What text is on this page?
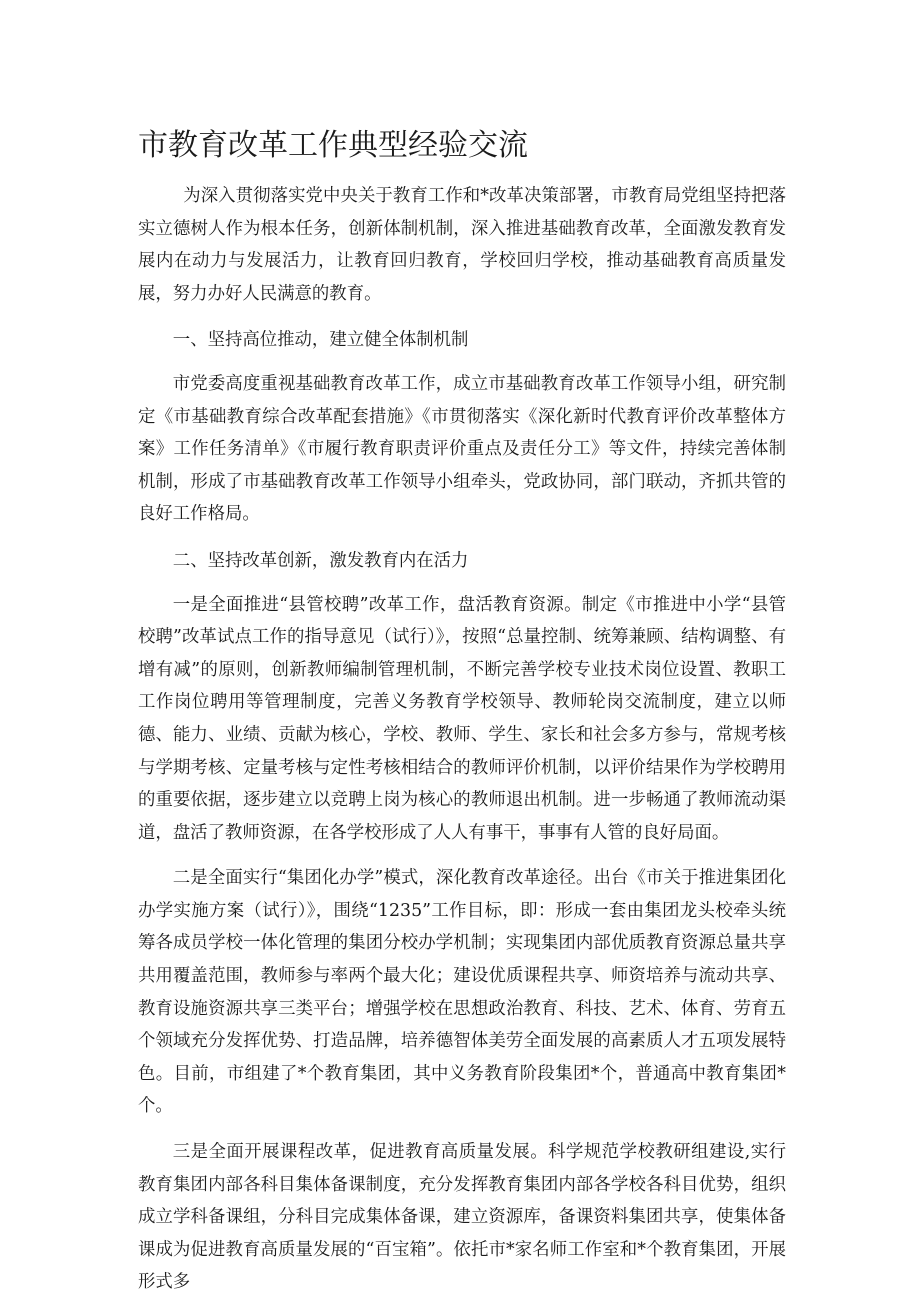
市教育改革工作典型经验交流

为深入贯彻落实党中央关于教育工作和*改革决策部署，市教育局党组坚持把落实立德树人作为根本任务，创新体制机制，深入推进基础教育改革，全面激发教育发展内在动力与发展活力，让教育回归教育，学校回归学校，推动基础教育高质量发展，努力办好人民满意的教育。

一、坚持高位推动，建立健全体制机制

市党委高度重视基础教育改革工作，成立市基础教育改革工作领导小组，研究制定《市基础教育综合改革配套措施》《市贯彻落实《深化新时代教育评价改革整体方案》工作任务清单》《市履行教育职责评价重点及责任分工》等文件，持续完善体制机制，形成了市基础教育改革工作领导小组牵头，党政协同，部门联动，齐抓共管的良好工作格局。

二、坚持改革创新，激发教育内在活力

一是全面推进“县管校聘”改革工作，盘活教育资源。制定《市推进中小学“县管校聘”改革试点工作的指导意见（试行）》，按照“总量控制、统筹兼顾、结构调整、有增有减”的原则，创新教师编制管理机制，不断完善学校专业技术岗位设置、教职工工作岗位聘用等管理制度，完善义务教育学校领导、教师轮岗交流制度，建立以师德、能力、业绩、贡献为核心，学校、教师、学生、家长和社会多方参与，常规考核与学期考核、定量考核与定性考核相结合的教师评价机制，以评价结果作为学校聘用的重要依据，逐步建立以竞聘上岗为核心的教师退出机制。进一步畅通了教师流动渠道，盘活了教师资源，在各学校形成了人人有事干，事事有人管的良好局面。

二是全面实行“集团化办学”模式，深化教育改革途径。出台《市关于推进集团化办学实施方案（试行）》，围绕“1235”工作目标，即：形成一套由集团龙头校牵头统筹各成员学校一体化管理的集团分校办学机制；实现集团内部优质教育资源总量共享共用覆盖范围，教师参与率两个最大化；建设优质课程共享、师资培养与流动共享、教育设施资源共享三类平台；增强学校在思想政治教育、科技、艺术、体育、劳育五个领域充分发挥优势、打造品牌，培养德智体美劳全面发展的高素质人才五项发展特色。目前，市组建了*个教育集团，其中义务教育阶段集团*个，普通高中教育集团*个。

三是全面开展课程改革，促进教育高质量发展。科学规范学校教研组建设,实行教育集团内部各科目集体备课制度，充分发挥教育集团内部各学校各科目优势，组织成立学科备课组，分科目完成集体备课，建立资源库，备课资料集团共享，使集体备课成为促进教育高质量发展的“百宝箱”。依托市*家名师工作室和*个教育集团，开展形式多
